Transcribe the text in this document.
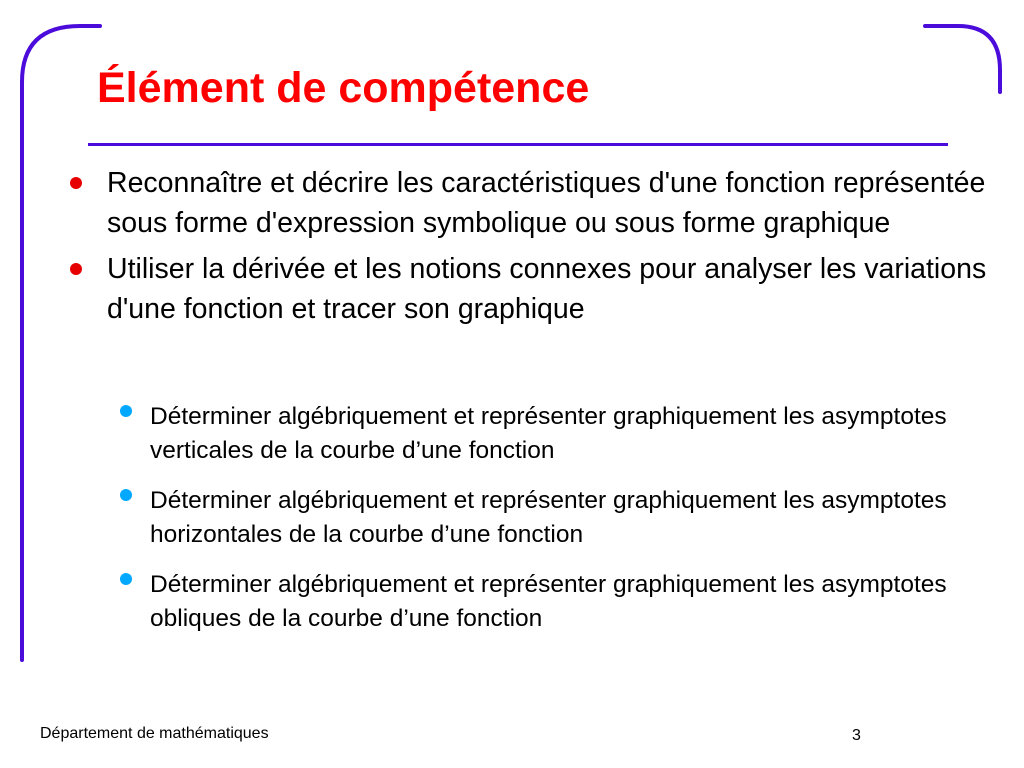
Élément de compétence
Reconnaître et décrire les caractéristiques d'une fonction représentée sous forme d'expression symbolique ou sous forme graphique
Utiliser la dérivée et les notions connexes pour analyser les variations d'une fonction et tracer son graphique
Déterminer algébriquement et représenter graphiquement les asymptotes verticales de la courbe d’une fonction
Déterminer algébriquement et représenter graphiquement les asymptotes horizontales de la courbe d’une fonction
Déterminer algébriquement et représenter graphiquement les asymptotes obliques de la courbe d’une fonction
Département de mathématiques	3
